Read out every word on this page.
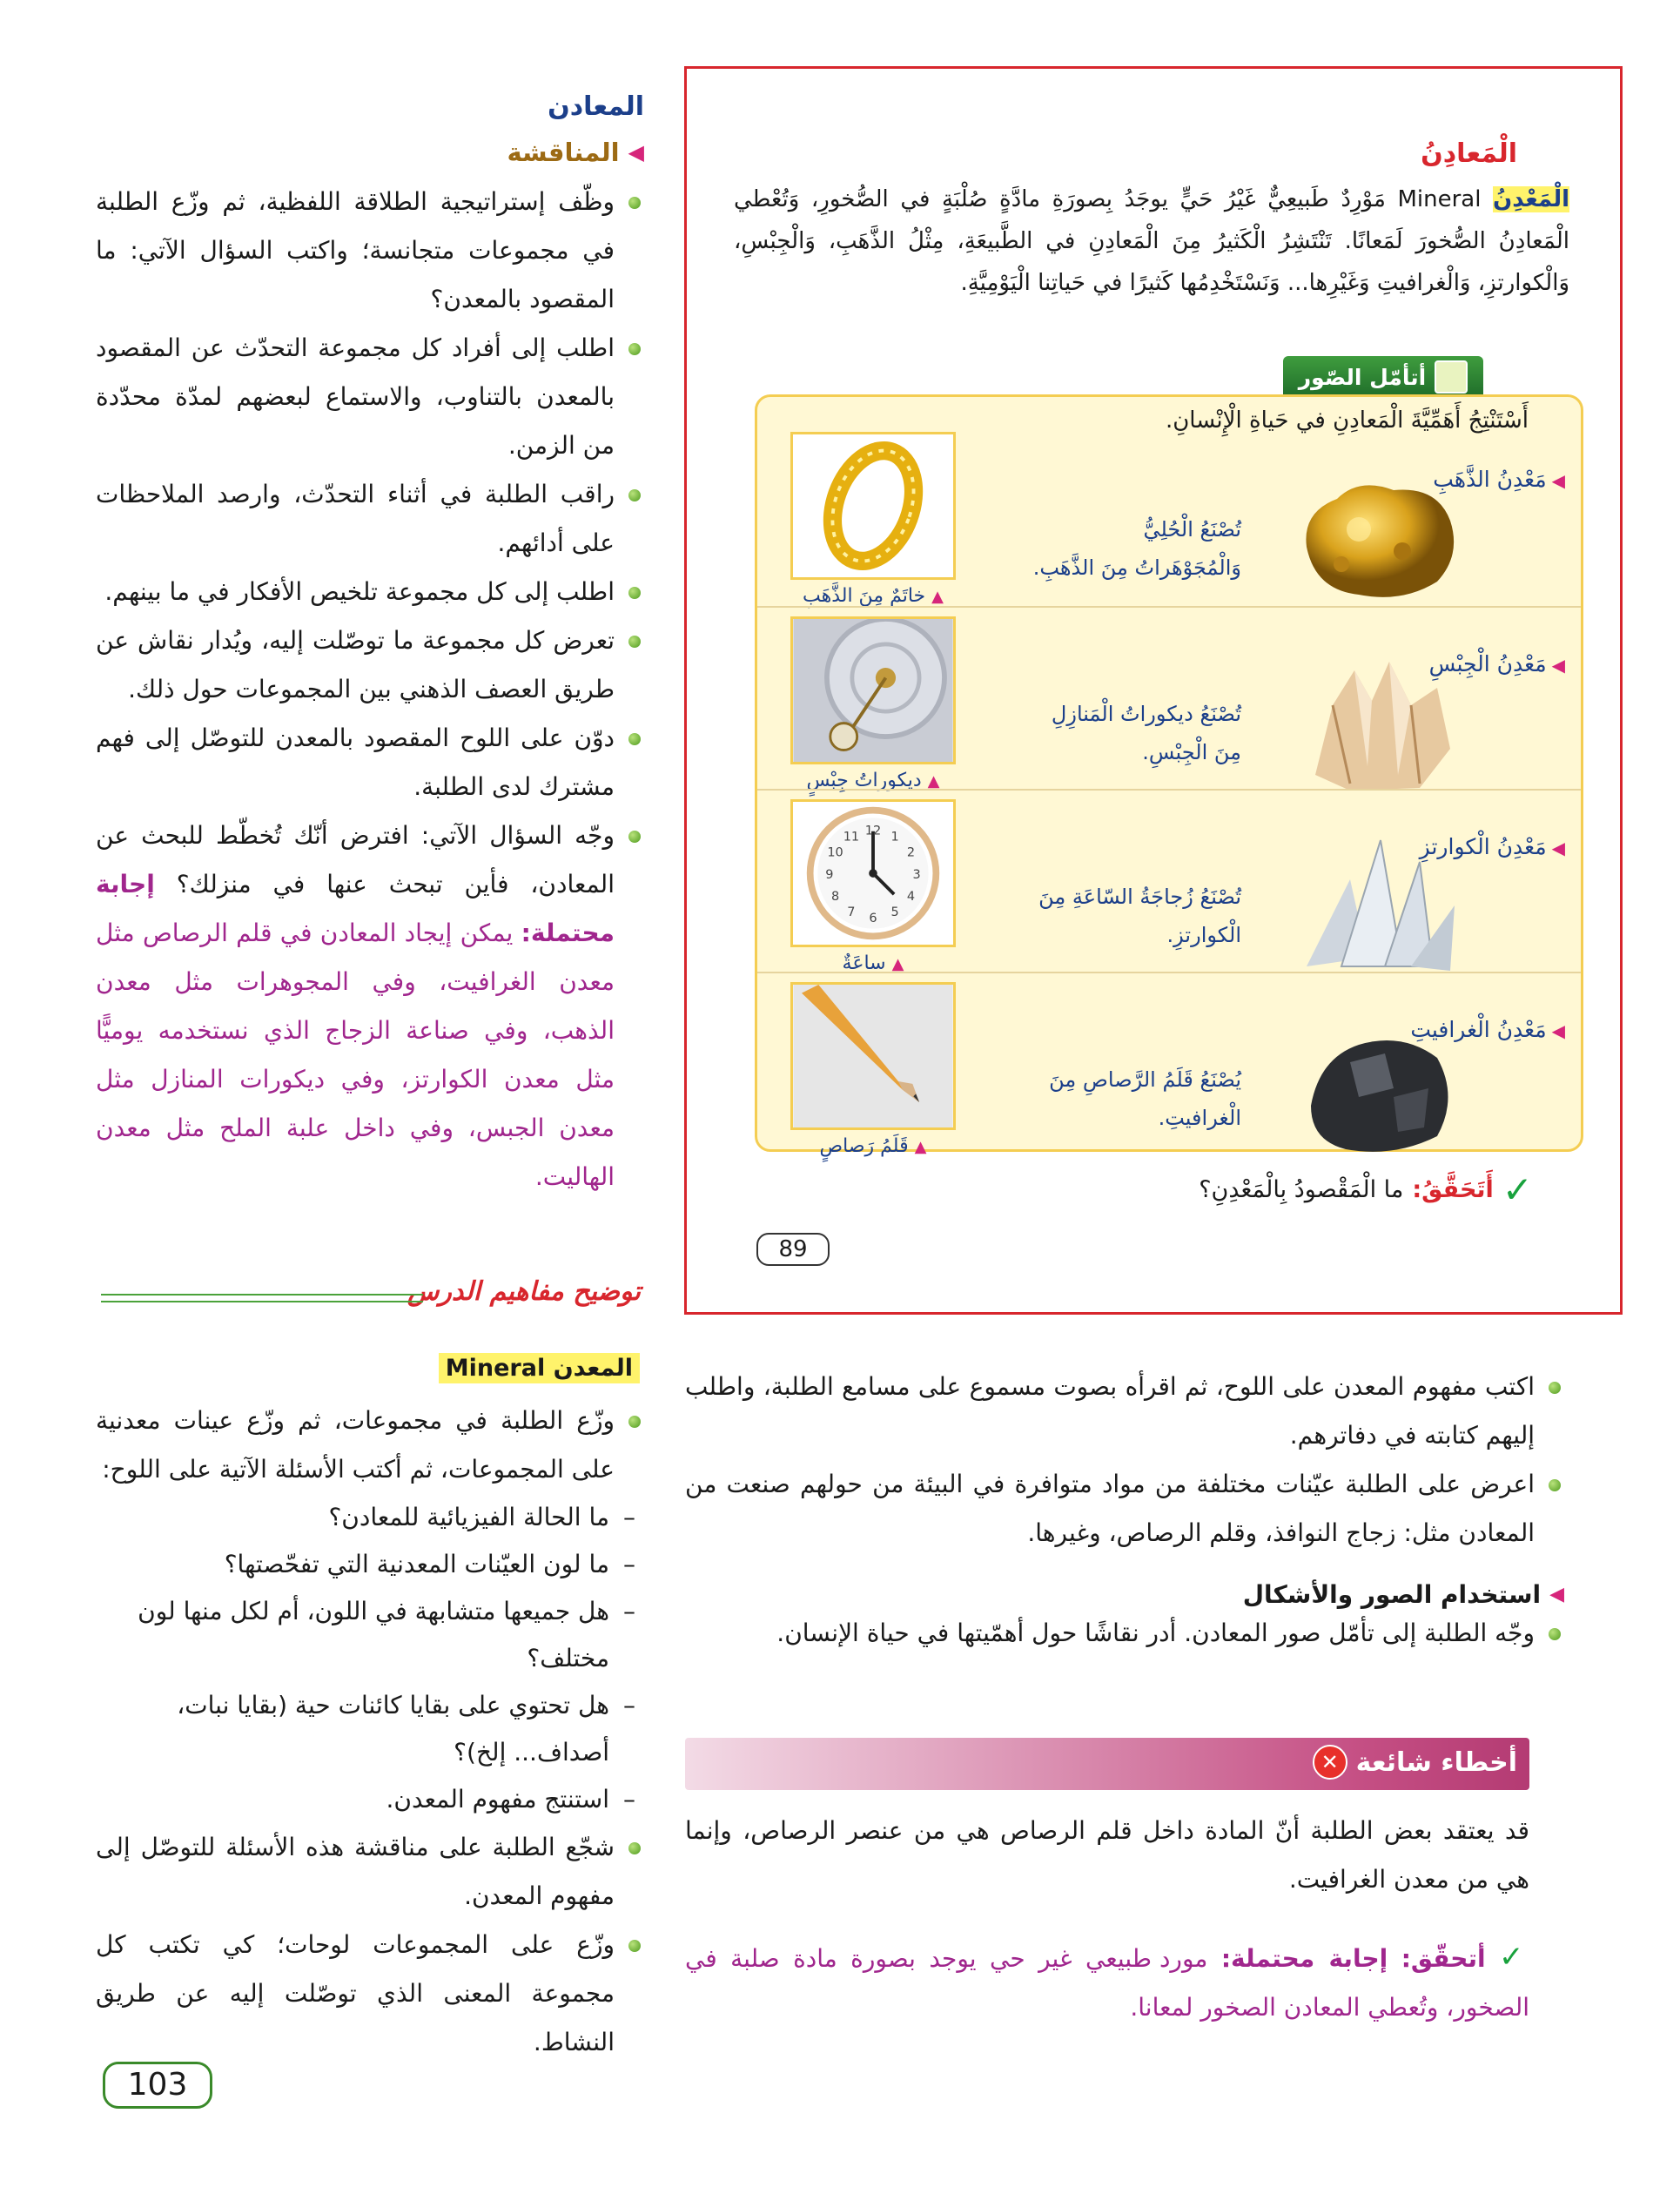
المعادن
◀
المناقشة
وظّف إستراتيجية الطلاقة اللفظية، ثم وزّع الطلبة في مجموعات متجانسة؛ واكتب السؤال الآتي: ما المقصود بالمعدن؟
اطلب إلى أفراد كل مجموعة التحدّث عن المقصود بالمعدن بالتناوب، والاستماع لبعضهم لمدّة محدّدة من الزمن.
راقب الطلبة في أثناء التحدّث، وارصد الملاحظات على أدائهم.
اطلب إلى كل مجموعة تلخيص الأفكار في ما بينهم.
تعرض كل مجموعة ما توصّلت إليه، ويُدار نقاش عن طريق العصف الذهني بين المجموعات حول ذلك.
دوّن على اللوح المقصود بالمعدن للتوصّل إلى فهم مشترك لدى الطلبة.
وجّه السؤال الآتي: افترض أنّك تُخطّط للبحث عن المعادن، فأين تبحث عنها في منزلك؟ إجابة محتملة: يمكن إيجاد المعادن في قلم الرصاص مثل معدن الغرافيت، وفي المجوهرات مثل معدن الذهب، وفي صناعة الزجاج الذي نستخدمه يوميًّا مثل معدن الكوارتز، وفي ديكورات المنازل مثل معدن الجبس، وفي داخل علبة الملح مثل معدن الهاليت.
توضيح مفاهيم الدرس
المعدن Mineral
وزّع الطلبة في مجموعات، ثم وزّع عينات معدنية على المجموعات، ثم أكتب الأسئلة الآتية على اللوح:
– ما الحالة الفيزيائية للمعادن؟
– ما لون العيّنات المعدنية التي تفحّصتها؟
– هل جميعها متشابهة في اللون، أم لكل منها لون مختلف؟
– هل تحتوي على بقايا كائنات حية (بقايا نبات، أصداف... إلخ)؟
– استنتج مفهوم المعدن.
شجّع الطلبة على مناقشة هذه الأسئلة للتوصّل إلى مفهوم المعدن.
وزّع على المجموعات لوحات؛ كي تكتب كل مجموعة المعنى الذي توصّلت إليه عن طريق النشاط.
103
الْمَعادِنُ
الْمَعْدِنُ Mineral مَوْرِدٌ طَبيعِيٌّ غَيْرُ حَيٍّ يوجَدُ بِصورَةِ مادَّةٍ صُلْبَةٍ في الصُّخورِ، وَتُعْطي الْمَعادِنُ الصُّخورَ لَمَعانًا. تَنْتَشِرُ الْكَثيرُ مِنَ الْمَعادِنِ في الطَّبيعَةِ، مِثْلُ الذَّهَبِ، وَالْجِبْسِ، وَالْكوارتزِ، وَالْغرافيتِ وَغَيْرِها... وَنَسْتَخْدِمُها كَثيرًا في حَياتِنا الْيَوْمِيَّةِ.
أتأمّل الصّور
أَسْتَنْتِجُ أَهَمِّيَّةَ الْمَعادِنِ في حَياةِ الْإِنْسانِ.
◀مَعْدِنُ الذَّهَبِ
تُصْنَعُ الْحُلِيُّ وَالْمُجَوْهَراتُ مِنَ الذَّهَبِ.
▲ خاتَمٌ مِنَ الذَّهَبِ
◀مَعْدِنُ الْجِبْسِ
تُصْنَعُ ديكوراتُ الْمَنازِلِ مِنَ الْجِبْسِ.
▲ ديكوراتُ جِبْسٍ
◀مَعْدِنُ الْكوارتزِ
تُصْنَعُ زُجاجَةُ السّاعَةِ مِنَ الْكوارتزِ.
12 1
2
3
4
5
6
7
8
9
10
11
▲ ساعَةٌ
◀مَعْدِنُ الْغرافيتِ
يُصْنَعُ قَلَمُ الرَّصاصِ مِنَ الْغرافيتِ.
▲ قَلَمُ رَصاصٍ
✓
أَتَحَقَّقُ:
ما الْمَقْصودُ بِالْمَعْدِنِ؟
89
اكتب مفهوم المعدن على اللوح، ثم اقرأه بصوت مسموع على مسامع الطلبة، واطلب إليهم كتابته في دفاترهم.
اعرض على الطلبة عيّنات مختلفة من مواد متوافرة في البيئة من حولهم صنعت من المعادن مثل: زجاج النوافذ، وقلم الرصاص، وغيرها.
◀
استخدام الصور والأشكال
وجّه الطلبة إلى تأمّل صور المعادن. أدر نقاشًا حول أهمّيتها في حياة الإنسان.
أخطاء شائعة
✕
قد يعتقد بعض الطلبة أنّ المادة داخل قلم الرصاص هي من عنصر الرصاص، وإنما هي من معدن الغرافيت.
✓ أتحقّق: إجابة محتملة: مورد طبيعي غير حي يوجد بصورة مادة صلبة في الصخور، وتُعطي المعادن الصخور لمعانا.
